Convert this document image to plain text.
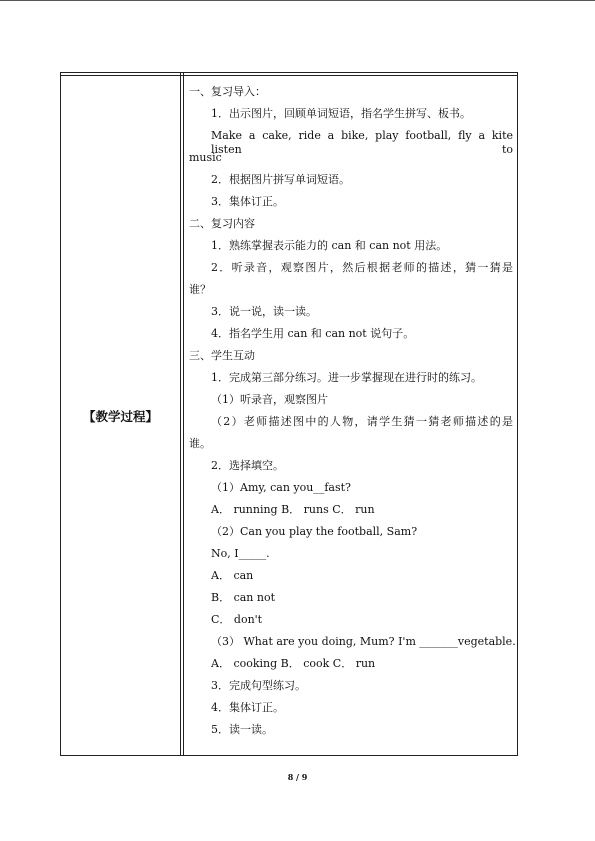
【教学过程】
一、复习导入：
1．出示图片，回顾单词短语，指名学生拼写、板书。
Make a cake, ride a bike, play football, fly a kite listen to
music
2．根据图片拼写单词短语。
3．集体订正。
二、复习内容
1．熟练掌握表示能力的 can 和 can not 用法。
2．听录音，观察图片，然后根据老师的描述，猜一猜是
谁？
3．说一说，读一读。
4．指名学生用 can 和 can not 说句子。
三、学生互动
1．完成第三部分练习。进一步掌握现在进行时的练习。
（1）听录音，观察图片
（2）老师描述图中的人物，请学生猜一猜老师描述的是
谁。
2．选择填空。
（1）Amy, can you__fast?
A． running B． runs C． run
（2）Can you play the football, Sam?
No, I_____.
A． can
B． can not
C． don't
（3） What are you doing, Mum? I'm _______vegetable.
A． cooking B． cook C． run
3．完成句型练习。
4．集体订正。
5．读一读。
8 / 9
